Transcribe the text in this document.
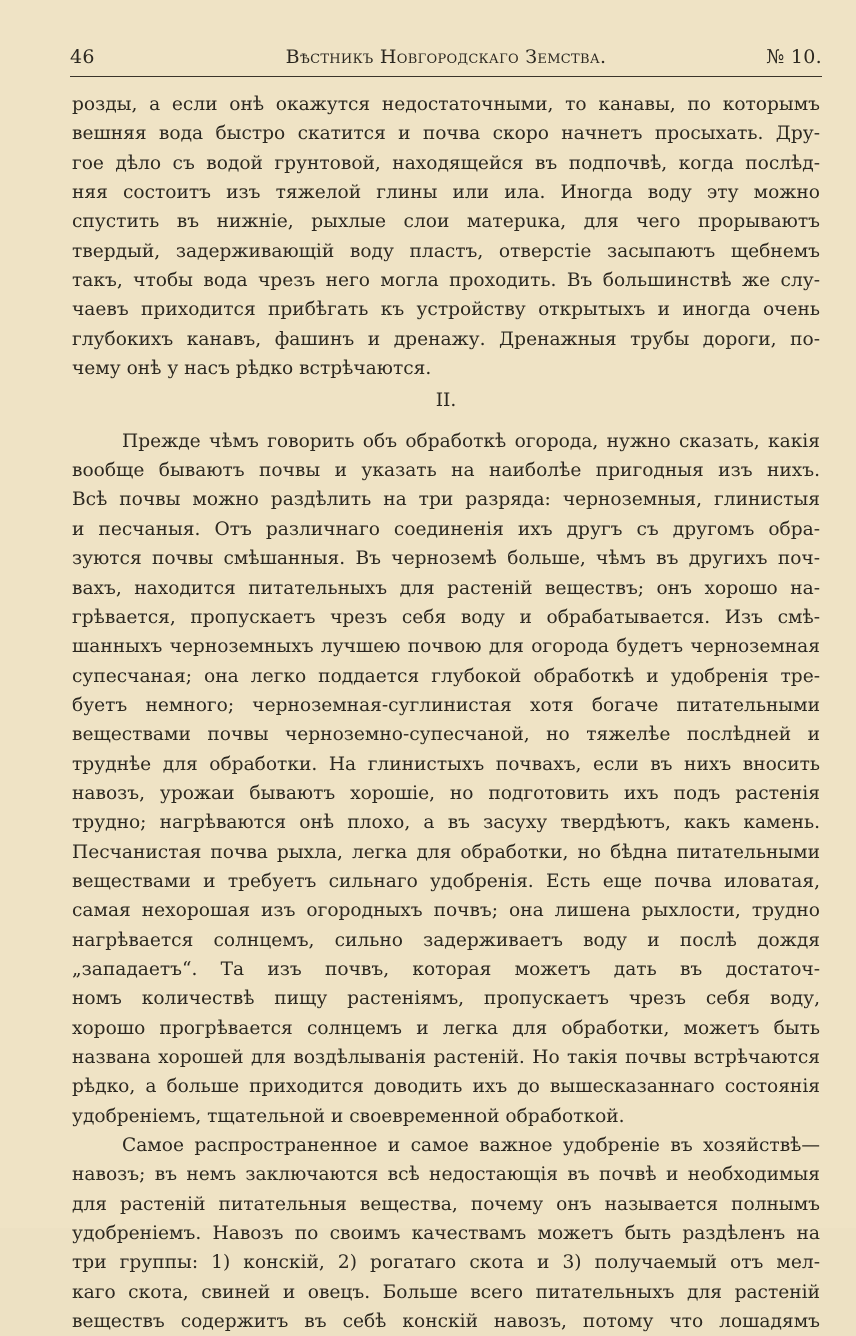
46	Вѣстникъ Новгородскаго Земства.	№ 10.
розды, а если онѣ окажутся недостаточными, то канавы, по которымъ
вешняя вода быстро скатится и почва скоро начнетъ просыхать. Дру-
гое дѣло съ водой грунтовой, находящейся въ подпочвѣ, когда послѣд-
няя состоитъ изъ тяжелой глины или ила. Иногда воду эту можно
спустить въ нижнiе, рыхлые слои матерuка, для чего прорываютъ
твердый, задерживающiй воду пластъ, отверстiе засыпаютъ щебнемъ
такъ, чтобы вода чрезъ него могла проходить. Въ большинствѣ же слу-
чаевъ приходится прибѣгать къ устройству открытыхъ и иногда очень
глубокихъ канавъ, фашинъ и дренажу. Дренажныя трубы дороги, по-
чему онѣ у насъ рѣдко встрѣчаются.
II.
Прежде чѣмъ говорить объ обработкѣ огорода, нужно сказать, какiя
вообще бываютъ почвы и указать на наиболѣе пригодныя изъ нихъ.
Всѣ почвы можно раздѣлить на три разряда: черноземныя, глинистыя
и песчаныя. Отъ различнаго соединенiя ихъ другъ съ другомъ обра-
зуются почвы смѣшанныя. Въ черноземѣ больше, чѣмъ въ другихъ поч-
вахъ, находится питательныхъ для растенiй веществъ; онъ хорошо на-
грѣвается, пропускаетъ чрезъ себя воду и обрабатывается. Изъ смѣ-
шанныхъ черноземныхъ лучшею почвою для огорода будетъ черноземная
супесчаная; она легко поддается глубокой обработкѣ и удобренiя тре-
буетъ немного; черноземная-суглинистая хотя богаче питательными
веществами почвы черноземно-супесчаной, но тяжелѣе послѣдней и
труднѣе для обработки. На глинистыхъ почвахъ, если въ нихъ вносить
навозъ, урожаи бываютъ хорошiе, но подготовить ихъ подъ растенiя
трудно; нагрѣваются онѣ плохо, а въ засуху твердѣютъ, какъ камень.
Песчанистая почва рыхла, легка для обработки, но бѣдна питательными
веществами и требуетъ сильнаго удобренiя. Есть еще почва иловатая,
самая нехорошая изъ огородныхъ почвъ; она лишена рыхлости, трудно
нагрѣвается солнцемъ, сильно задерживаетъ воду и послѣ дождя
„западаетъ“. Та изъ почвъ, которая можетъ дать въ достаточ-
номъ количествѣ пищу растенiямъ, пропускаетъ чрезъ себя воду,
хорошо прогрѣвается солнцемъ и легка для обработки, можетъ быть
названа хорошей для воздѣлыванiя растенiй. Но такiя почвы встрѣчаются
рѣдко, а больше приходится доводить ихъ до вышесказаннаго состоянiя
удобренiемъ, тщательной и своевременной обработкой.
Самое распространенное и самое важное удобренiе въ хозяйствѣ—
навозъ; въ немъ заключаются всѣ недостающiя въ почвѣ и необходимыя
для растенiй питательныя вещества, почему онъ называется полнымъ
удобренiемъ. Навозъ по своимъ качествамъ можетъ быть раздѣленъ на
три группы: 1) конскiй, 2) рогатаго скота и 3) получаемый отъ мел-
каго скота, свиней и овецъ. Больше всего питательныхъ для растенiй
веществъ содержитъ въ себѣ конскiй навозъ, потому что лошадямъ
